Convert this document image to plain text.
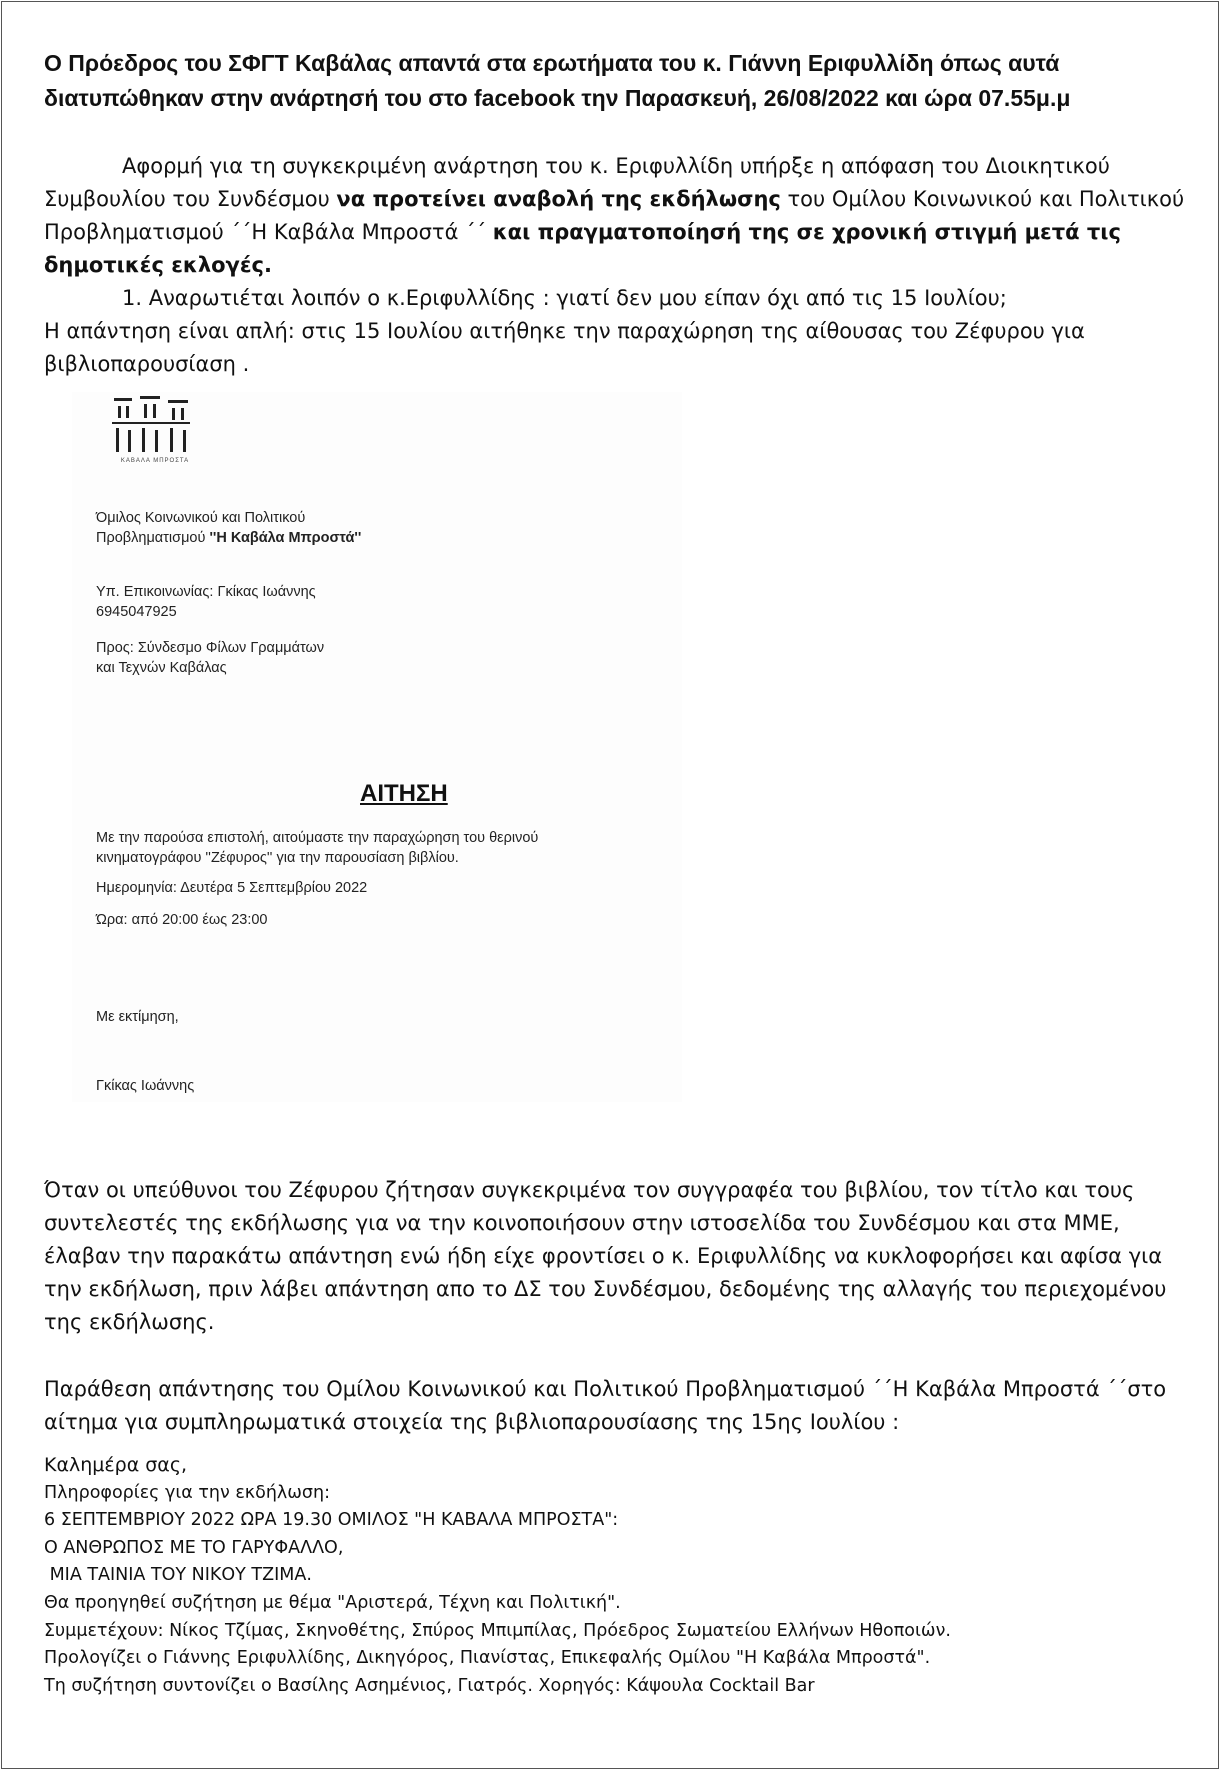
Ο Πρόεδρος του ΣΦΓΤ Καβάλας απαντά στα ερωτήματα του κ. Γιάννη Εριφυλλίδη όπως αυτά διατυπώθηκαν στην ανάρτησή του στο facebook την Παρασκευή, 26/08/2022 και ώρα 07.55μ.μ

Αφορμή για τη συγκεκριμένη ανάρτηση του κ. Εριφυλλίδη υπήρξε η απόφαση του Διοικητικού Συμβουλίου του Συνδέσμου να προτείνει αναβολή της εκδήλωσης του Ομίλου Κοινωνικού και Πολιτικού Προβληματισμού ΄΄Η Καβάλα Μπροστά ΄΄ και πραγματοποίησή της σε χρονική στιγμή μετά τις δημοτικές εκλογές.

1. Αναρωτιέται λοιπόν ο κ.Εριφυλλίδης : γιατί δεν μου είπαν όχι από τις 15 Ιουλίου;

Η απάντηση είναι απλή: στις 15 Ιουλίου αιτήθηκε την παραχώρηση της αίθουσας του Ζέφυρου για βιβλιοπαρουσίαση .

ΚΑΒΑΛΑ ΜΠΡΟΣΤΑ
Όμιλος Κοινωνικού και Πολιτικού
Προβληματισμού ''Η Καβάλα Μπροστά''
Υπ. Επικοινωνίας: Γκίκας Ιωάννης
6945047925
Προς: Σύνδεσμο Φίλων Γραμμάτων
και Τεχνών Καβάλας
ΑΙΤΗΣΗ
Με την παρούσα επιστολή, αιτούμαστε την παραχώρηση του θερινού
κινηματογράφου ''Ζέφυρος'' για την παρουσίαση βιβλίου.
Ημερομηνία: Δευτέρα 5 Σεπτεμβρίου 2022
Ώρα: από 20:00 έως 23:00
Με εκτίμηση,
Γκίκας Ιωάννης
Όταν οι υπεύθυνοι του Ζέφυρου ζήτησαν συγκεκριμένα τον συγγραφέα του βιβλίου, τον τίτλο και τους συντελεστές της εκδήλωσης για να την κοινοποιήσουν στην ιστοσελίδα του Συνδέσμου και στα ΜΜΕ, έλαβαν την παρακάτω απάντηση ενώ ήδη είχε φροντίσει ο κ. Εριφυλλίδης να κυκλοφορήσει και αφίσα για την εκδήλωση, πριν λάβει απάντηση απο το ΔΣ του Συνδέσμου, δεδομένης της αλλαγής του περιεχομένου της εκδήλωσης.
Παράθεση απάντησης του Ομίλου Κοινωνικού και Πολιτικού Προβληματισμού ΄΄Η Καβάλα Μπροστά ΄΄στο αίτημα για συμπληρωματικά στοιχεία της βιβλιοπαρουσίασης της 15ης Ιουλίου :
Καλημέρα σας,
Πληροφορίες για την εκδήλωση:
6 ΣΕΠΤΕΜΒΡΙΟΥ 2022 ΩΡΑ 19.30 ΟΜΙΛΟΣ "Η ΚΑΒΑΛΑ ΜΠΡΟΣΤΑ":
Ο ΑΝΘΡΩΠΟΣ ΜΕ ΤΟ ΓΑΡΥΦΑΛΛΟ,
ΜΙΑ ΤΑΙΝΙΑ ΤΟΥ ΝΙΚΟΥ ΤΖΙΜΑ.
Θα προηγηθεί συζήτηση με θέμα "Αριστερά, Τέχνη και Πολιτική".
Συμμετέχουν: Νίκος Τζίμας, Σκηνοθέτης, Σπύρος Μπιμπίλας, Πρόεδρος Σωματείου Ελλήνων Ηθοποιών.
Προλογίζει ο Γιάννης Εριφυλλίδης, Δικηγόρος, Πιανίστας, Επικεφαλής Ομίλου "Η Καβάλα Μπροστά".
Τη συζήτηση συντονίζει ο Βασίλης Ασημένιος, Γιατρός. Χορηγός: Κάψουλα Cocktail Bar
